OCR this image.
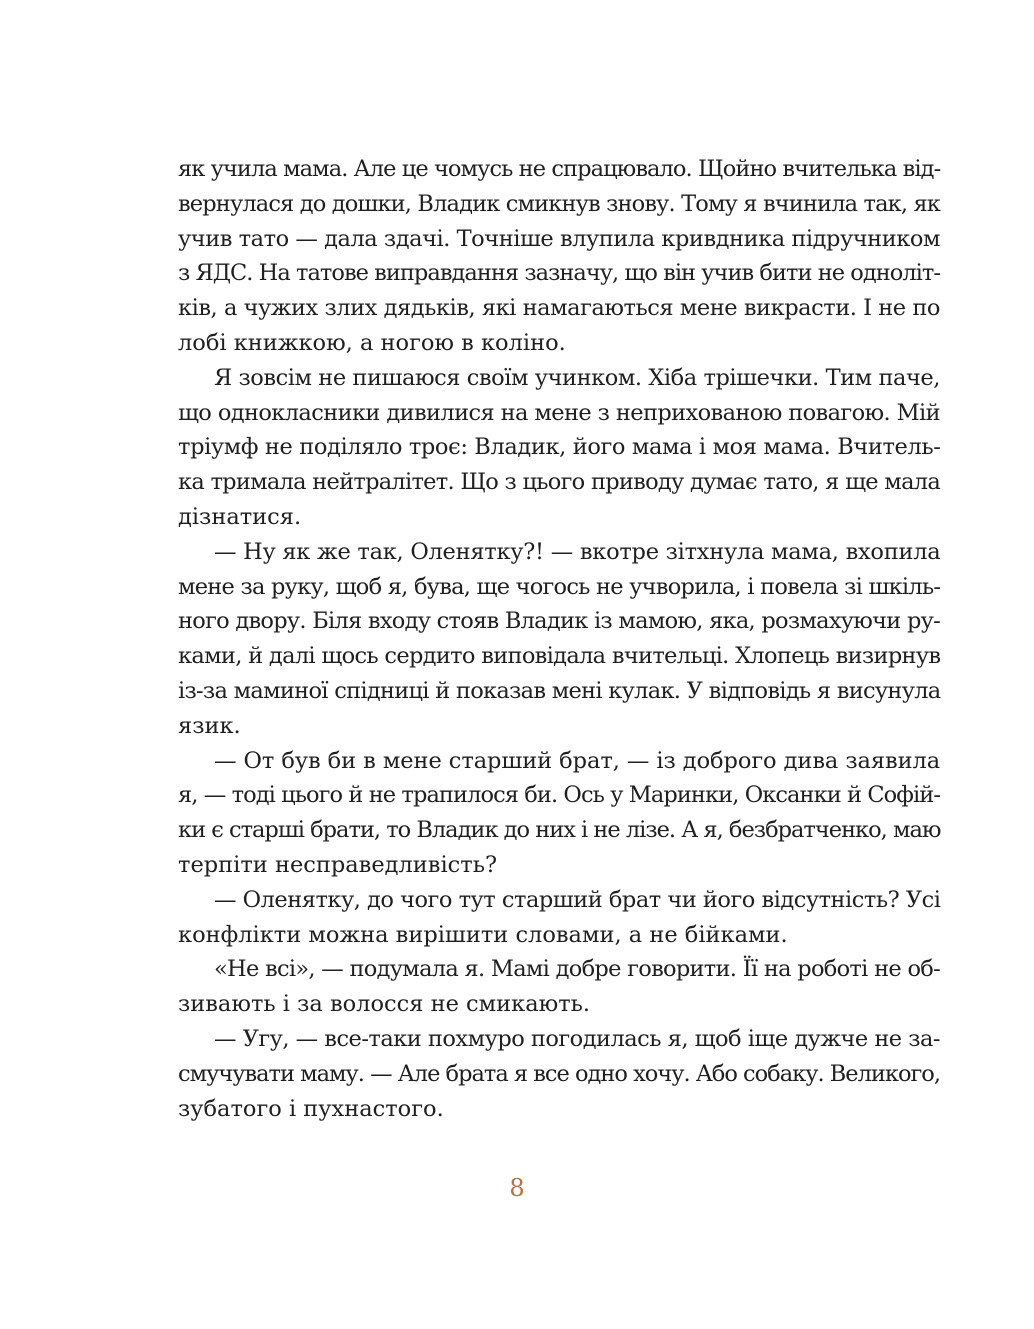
як учила мама. Але це чомусь не спрацювало. Щойно вчителька від-
вернулася до дошки, Владик смикнув знову. Тому я вчинила так, як
учив тато — дала здачі. Точніше влупила кривдника підручником
з ЯДС. На татове виправдання зазначу, що він учив бити не одноліт-
ків, а чужих злих дядьків, які намагаються мене викрасти. І не по
лобі книжкою, а ногою в коліно.
Я зовсім не пишаюся своїм учинком. Хіба трішечки. Тим паче,
що однокласники дивилися на мене з неприхованою повагою. Мій
тріумф не поділяло троє: Владик, його мама і моя мама. Вчитель-
ка тримала нейтралітет. Що з цього приводу думає тато, я ще мала
дізнатися.
— Ну як же так, Оленятку?! — вкотре зітхнула мама, вхопила
мене за руку, щоб я, бува, ще чогось не учворила, і повела зі шкіль-
ного двору. Біля входу стояв Владик із мамою, яка, розмахуючи ру-
ками, й далі щось сердито виповідала вчительці. Хлопець визирнув
із-за маминої спідниці й показав мені кулак. У відповідь я висунула
язик.
— От був би в мене старший брат, — із доброго дива заявила
я, — тоді цього й не трапилося би. Ось у Маринки, Оксанки й Софій-
ки є старші брати, то Владик до них і не лізе. А я, безбратченко, маю
терпіти несправедливість?
— Оленятку, до чого тут старший брат чи його відсутність? Усі
конфлікти можна вирішити словами, а не бійками.
«Не всі», — подумала я. Мамі добре говорити. Її на роботі не об-
зивають і за волосся не смикають.
— Угу, — все-таки похмуро погодилась я, щоб іще дужче не за-
смучувати маму. — Але брата я все одно хочу. Або собаку. Великого,
зубатого і пухнастого.
8
